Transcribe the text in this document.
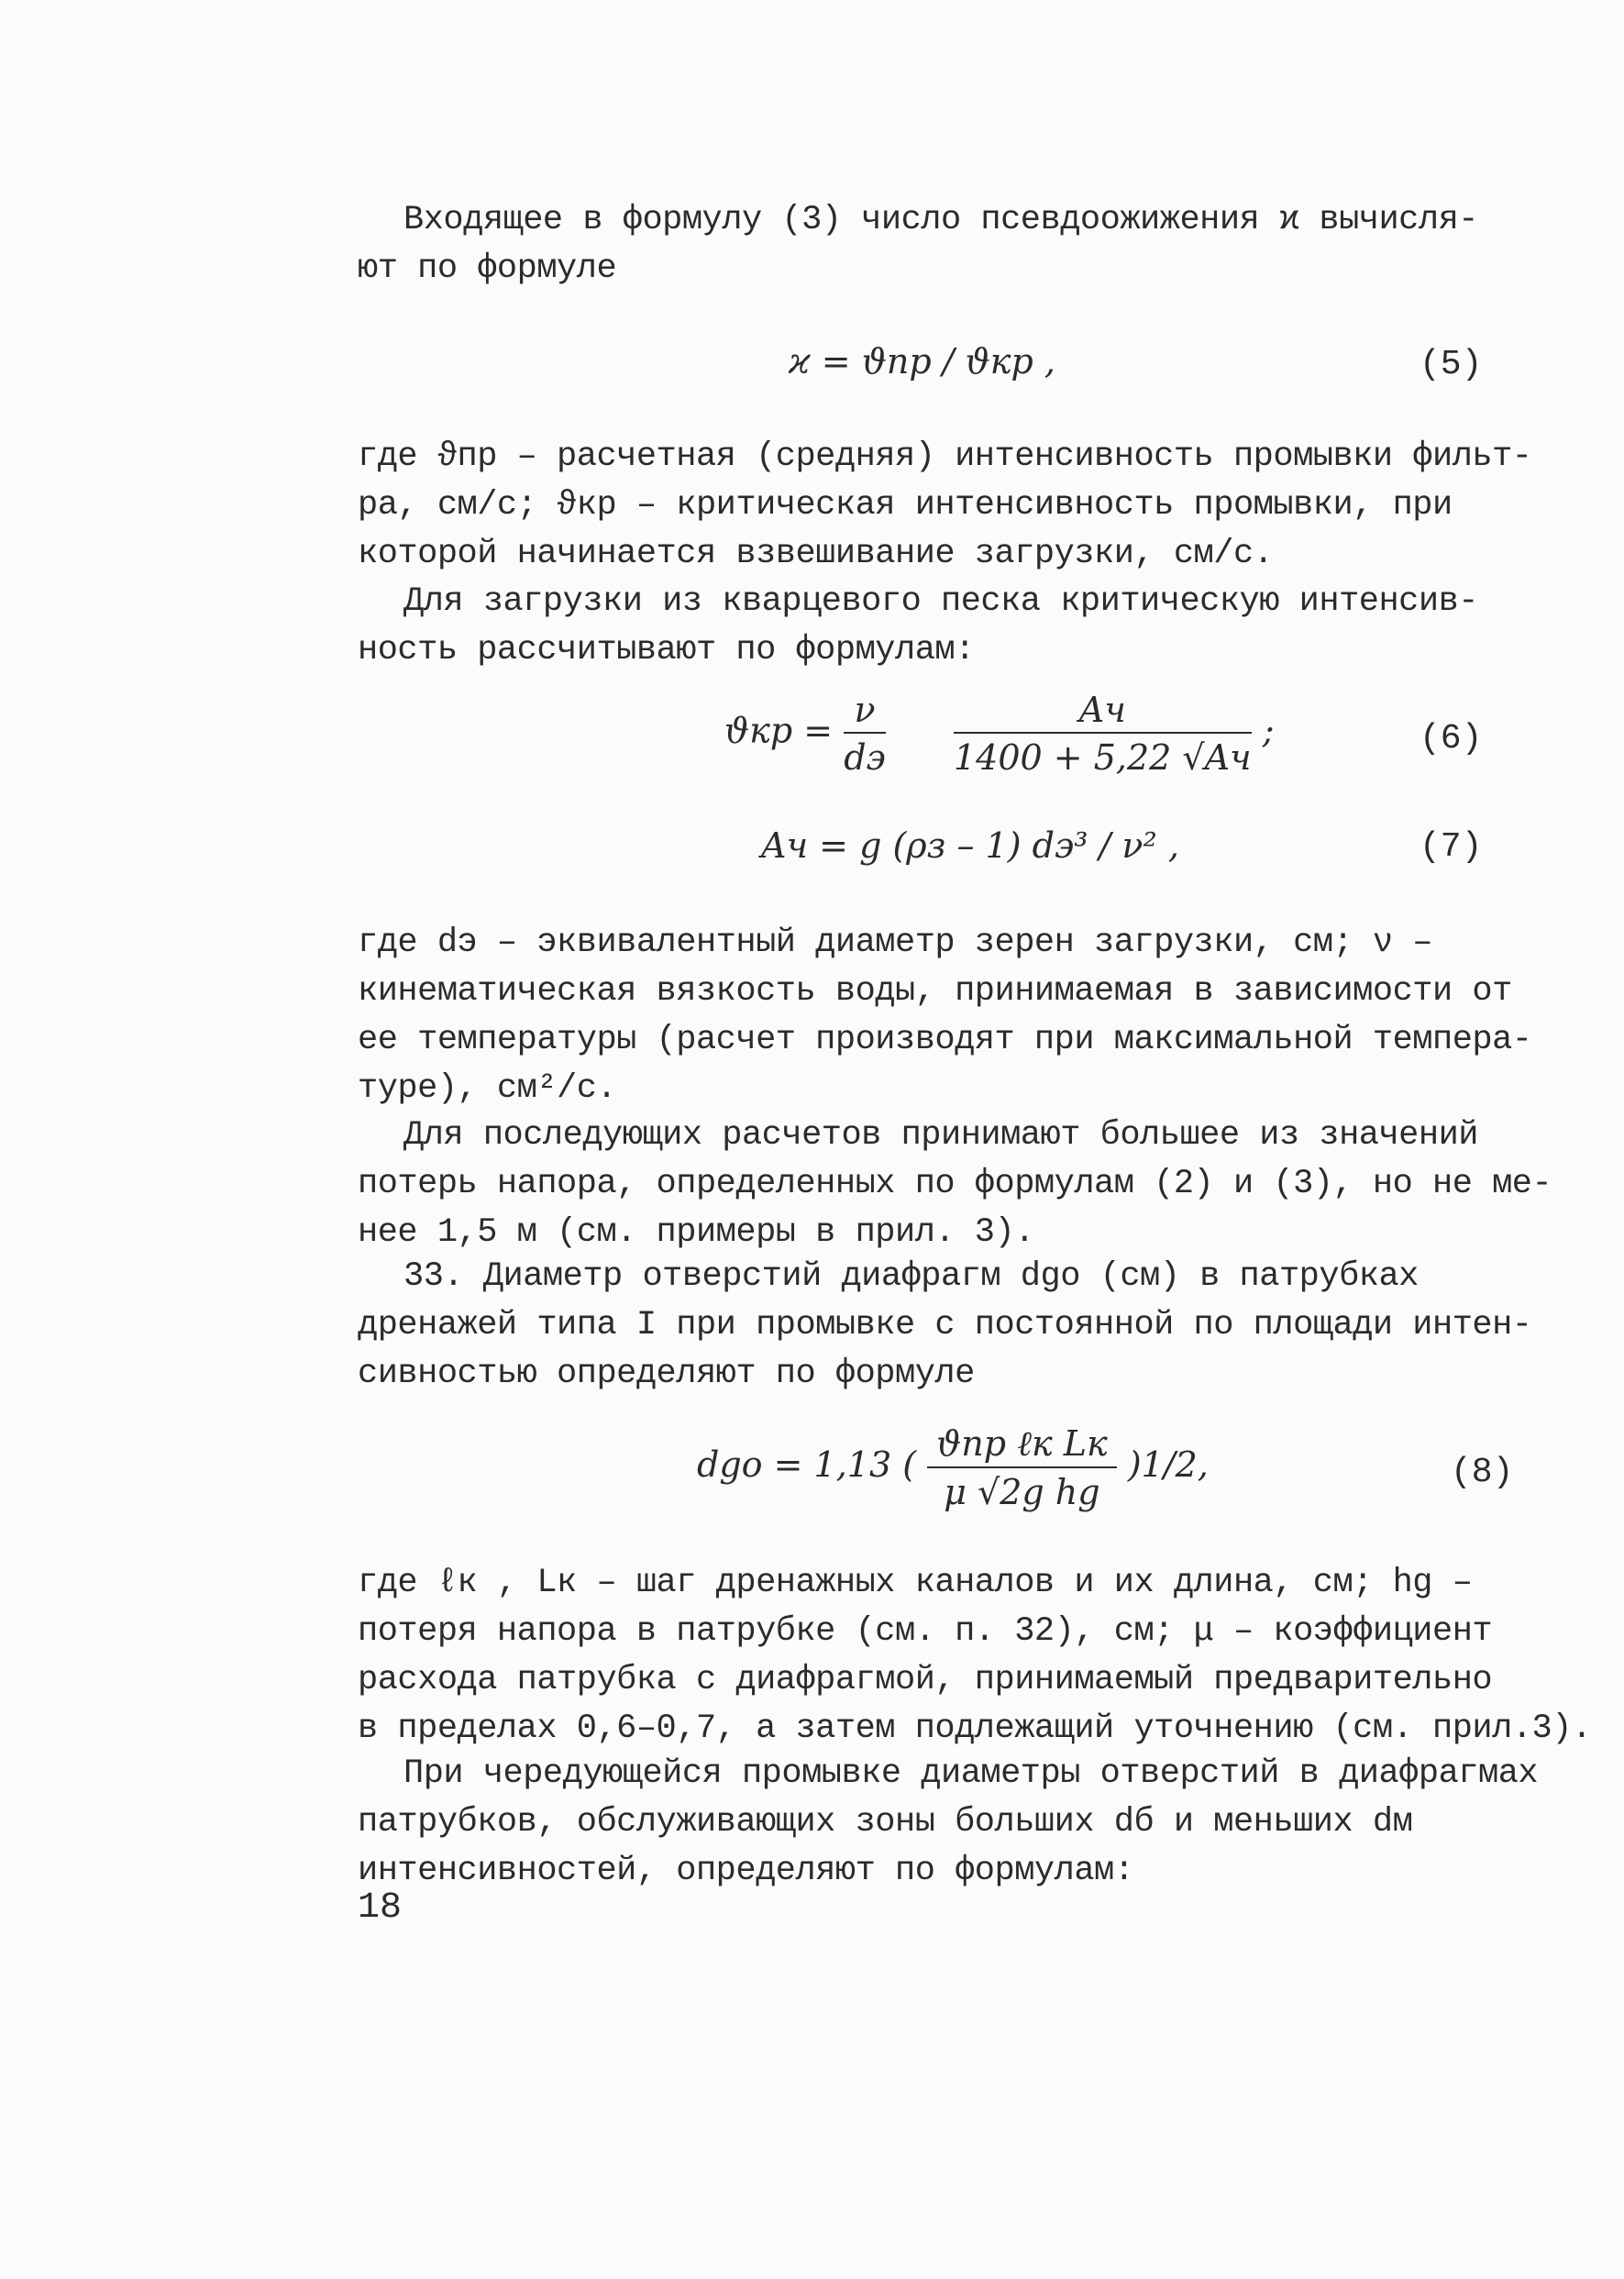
Входящее в формулу (3) число псевдоожижения ϰ вычисля-
ют по формуле

ϰ = ϑпр / ϑкр ,	(5)

где ϑпр – расчетная (средняя) интенсивность промывки фильт-
ра, см/с; ϑкр – критическая интенсивность промывки, при
которой начинается взвешивание загрузки, см/с.

Для загрузки из кварцевого песка критическую интенсив-
ность рассчитывают по формулам:

$ϑкр = \frac{\nu}{dэ}$
$\frac{Aч}{1400 + 5,22 √Aч}$ ;	(6)
Aч = g (ρз – 1) dэ³ / ν² ,	(7)

где dэ – эквивалентный диаметр зерен загрузки, см; ν –
кинематическая вязкость воды, принимаемая в зависимости от
ее температуры (расчет производят при максимальной темпера-
туре), см²/с.

Для последующих расчетов принимают большее из значений
потерь напора, определенных по формулам (2) и (3), но не ме-
нее 1,5 м (см. примеры в прил. 3).

33. Диаметр отверстий диафрагм dgo (см) в патрубках
дренажей типа I при промывке с постоянной по площади интен-
сивностью определяют по формуле

dgo = 1,13 ( $\frac{\text{ϑпр ℓк Lк}}{\text{μ √2g hg}} )1/2$,	(8)

где ℓк , Lк – шаг дренажных каналов и их длина, см; hg –
потеря напора в патрубке (см. п. 32), см; μ – коэффициент
расхода патрубка с диафрагмой, принимаемый предварительно
в пределах 0,6–0,7, а затем подлежащий уточнению (см. прил.3).

При чередующейся промывке диаметры отверстий в диафрагмах
патрубков, обслуживающих зоны больших dб и меньших dм
интенсивностей, определяют по формулам:

18
